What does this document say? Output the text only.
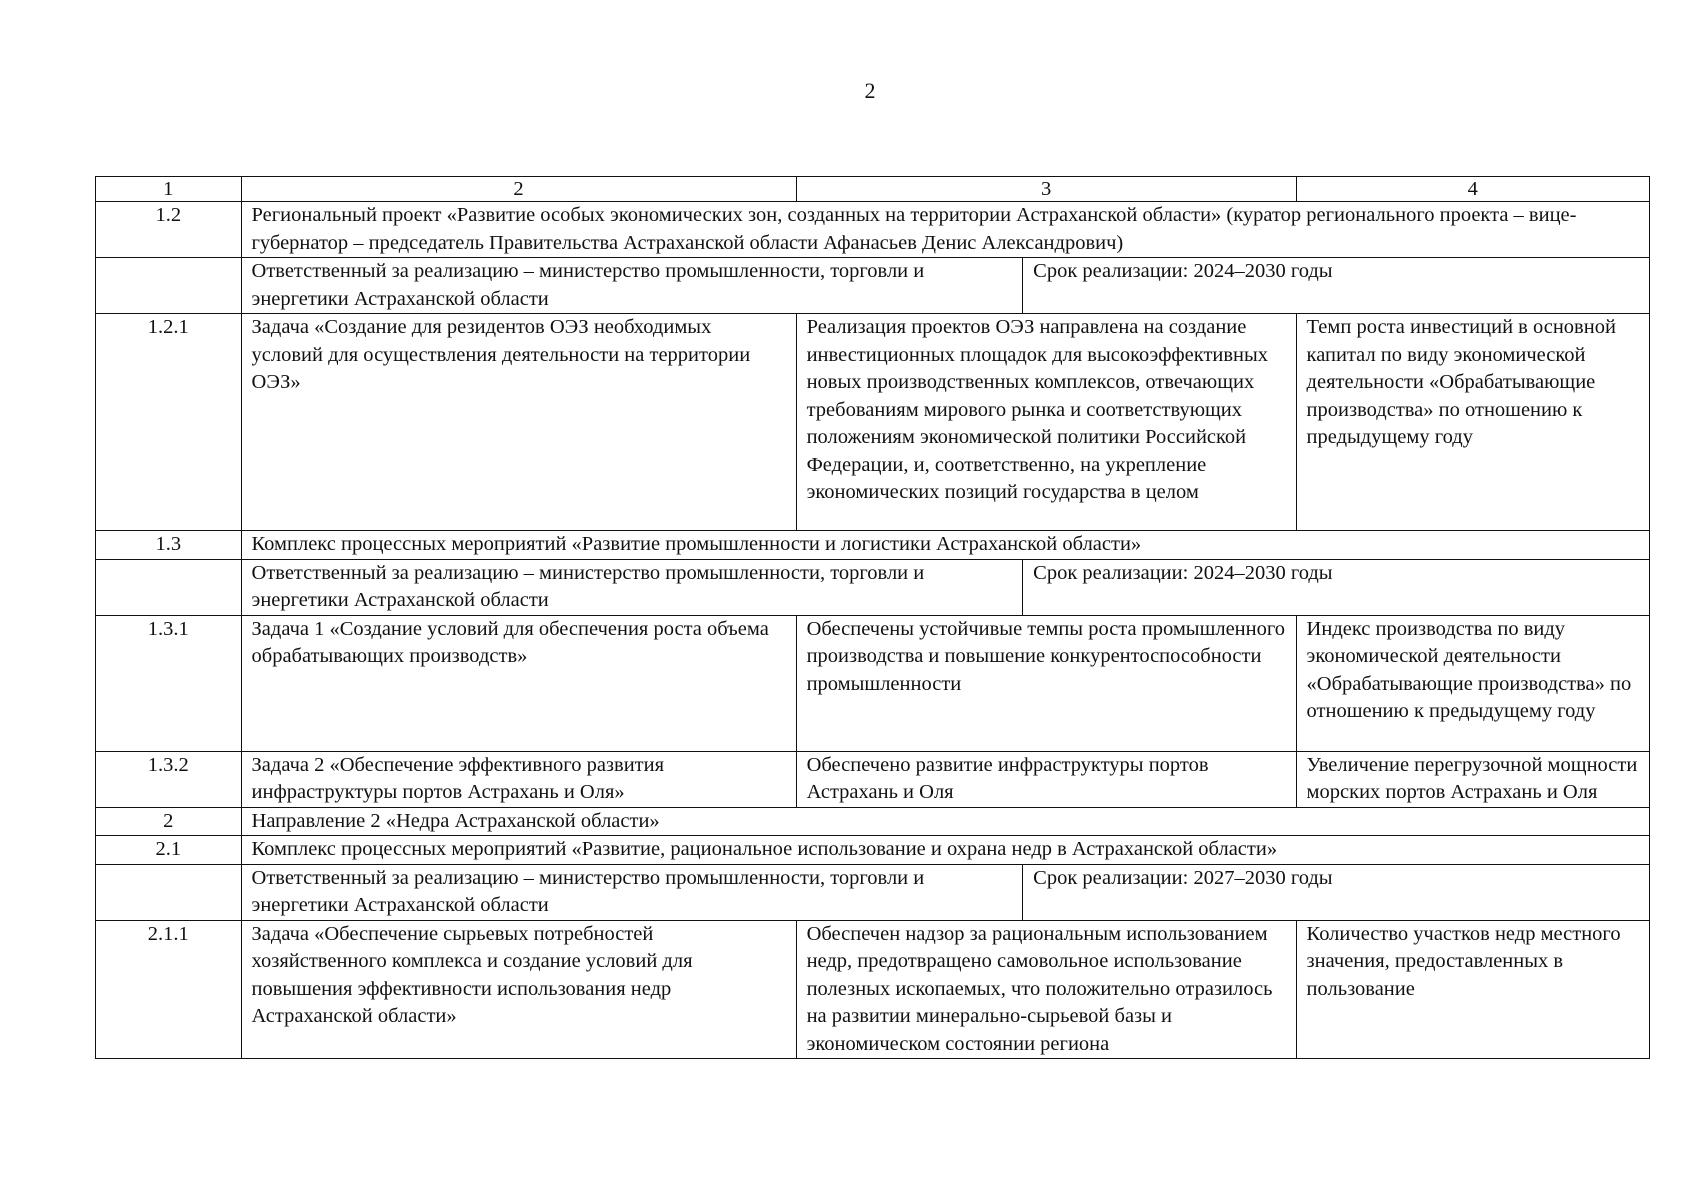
2
1	2	3		4
1.2	Региональный проект «Развитие особых экономических зон, созданных на территории Астраханской области» (куратор регионального проекта – вице-губернатор – председатель Правительства Астраханской области Афанасьев Денис Александрович)			
	Ответственный за реализацию – министерство промышленности, торговли и энергетики Астраханской области		Срок реализации: 2024–2030 годы	
1.2.1	Задача «Создание для резидентов ОЭЗ необходимых условий для осуществления деятельности на территории ОЭЗ»	Реализация проектов ОЭЗ направлена на создание инвестиционных площадок для высокоэффективных новых производственных комплексов, отвечающих требованиям мирового рынка и соответствующих положениям экономической политики Российской Федерации, и, соответственно, на укрепление экономических позиций государства в целом		Темп роста инвестиций в основной капитал по виду экономической деятельности «Обрабатывающие производства» по отношению к предыдущему году
1.3	Комплекс процессных мероприятий «Развитие промышленности и логистики Астраханской области»			
	Ответственный за реализацию – министерство промышленности, торговли и энергетики Астраханской области		Срок реализации: 2024–2030 годы	
1.3.1	Задача 1 «Создание условий для обеспечения роста объема обрабатывающих производств»	Обеспечены устойчивые темпы роста промышленного производства и повышение конкурентоспособности промышленности		Индекс производства по виду экономической деятельности «Обрабатывающие производства» по отношению к предыдущему году
1.3.2	Задача 2 «Обеспечение эффективного развития инфраструктуры портов Астрахань и Оля»	Обеспечено развитие инфраструктуры портов Астрахань и Оля		Увеличение перегрузочной мощности морских портов Астрахань и Оля
2	Направление 2 «Недра Астраханской области»			
2.1	Комплекс процессных мероприятий «Развитие, рациональное использование и охрана недр в Астраханской области»			
	Ответственный за реализацию – министерство промышленности, торговли и энергетики Астраханской области		Срок реализации: 2027–2030 годы	
2.1.1	Задача «Обеспечение сырьевых потребностей хозяйственного комплекса и создание условий для повышения эффективности использования недр Астраханской области»	Обеспечен надзор за рациональным использованием недр, предотвращено самовольное использование полезных ископаемых, что положительно отразилось на развитии минерально-сырьевой базы и экономическом состоянии региона		Количество участков недр местного значения, предоставленных в пользование
